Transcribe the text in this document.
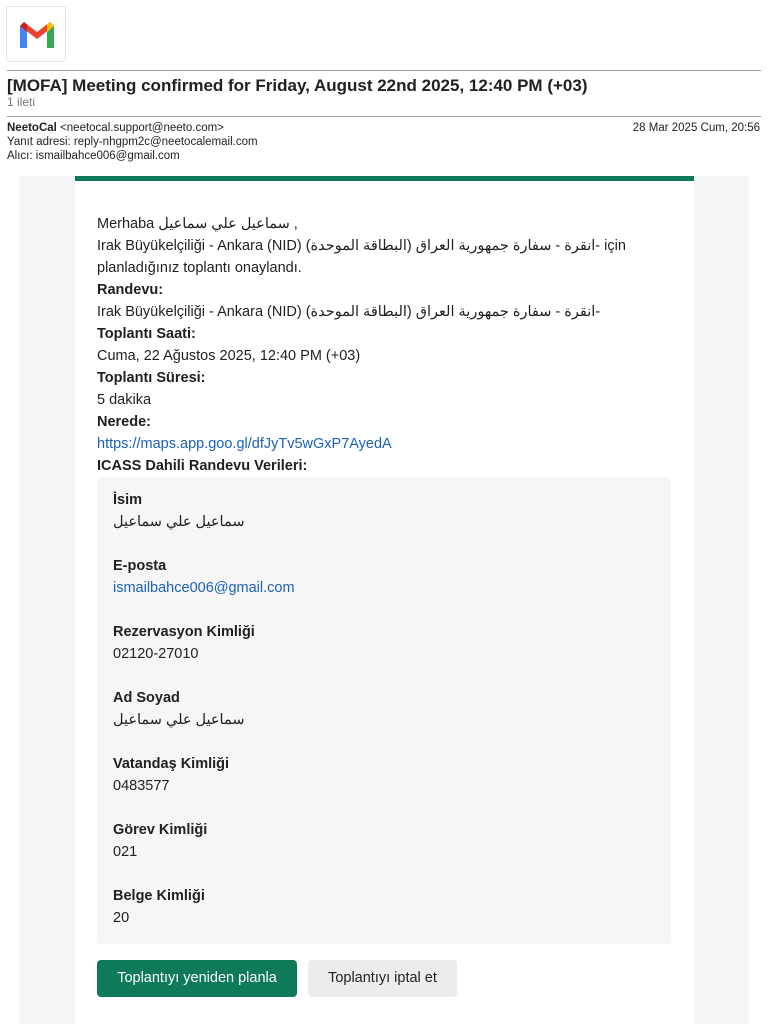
[MOFA] Meeting confirmed for Friday, August 22nd 2025, 12:40 PM (+03)
1 ileti
NeetoCal <neetocal.support@neeto.com>	28 Mar 2025 Cum, 20:56
Yanıt adresi: reply-nhgpm2c@neetocalemail.com
Alıcı: ismailbahce006@gmail.com

Merhaba سماعيل علي سماعيل ,

Irak Büyükelçiliği - Ankara (NID) (البطاقة الموحدة) انقرة - سفارة جمهورية العراق- için

planladığınız toplantı onaylandı.

Randevu:

Irak Büyükelçiliği - Ankara (NID) (البطاقة الموحدة) انقرة - سفارة جمهورية العراق-

Toplantı Saati:

Cuma, 22 Ağustos 2025, 12:40 PM (+03)

Toplantı Süresi:

5 dakika

Nerede:

https://maps.app.goo.gl/dfJyTv5wGxP7AyedA

ICASS Dahili Randevu Verileri:

İsim
سماعيل علي سماعيل
E-posta
ismailbahce006@gmail.com
Rezervasyon Kimliği
02120-27010
Ad Soyad
سماعيل علي سماعيل
Vatandaş Kimliği
0483577
Görev Kimliği
021
Belge Kimliği
20
Toplantıyı yeniden planla	Toplantıyı iptal et
